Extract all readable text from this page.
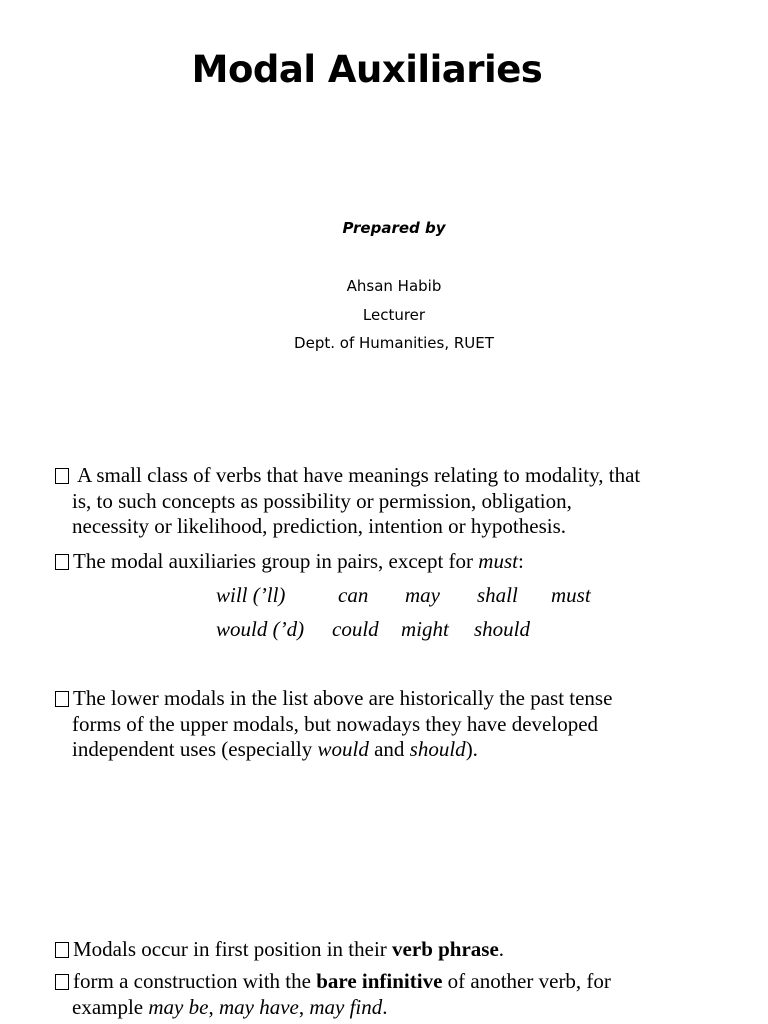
Modal Auxiliaries
Prepared by
Ahsan Habib
Lecturer
Dept. of Humanities, RUET
A small class of verbs that have meanings relating to modality, that
is, to such concepts as possibility or permission, obligation,
necessity or likelihood, prediction, intention or hypothesis.
The modal auxiliaries group in pairs, except for must:
will (’ll)	can may shall must
would (’d) could might should
The lower modals in the list above are historically the past tense
forms of the upper modals, but nowadays they have developed
independent uses (especially would and should).
Modals occur in first position in their verb phrase.
form a construction with the bare infinitive of another verb, for
example may be, may have, may find.
